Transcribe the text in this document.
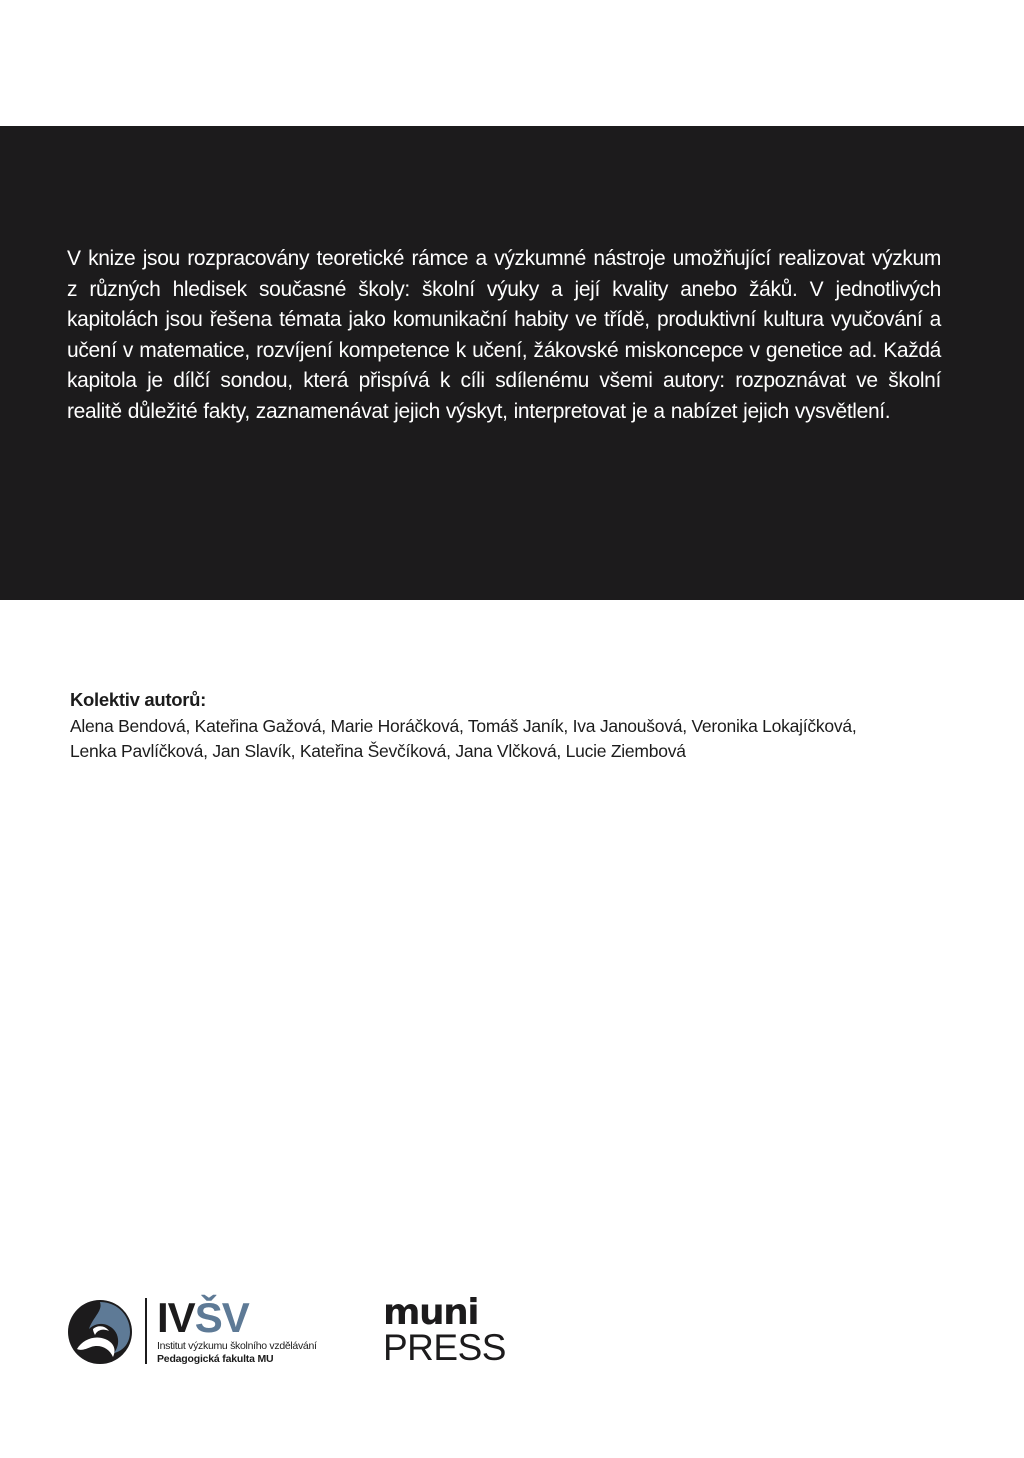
V knize jsou rozpracovány teoretické rámce a výzkumné nástroje umožňující realizovat výzkum z různých hledisek současné školy: školní výuky a její kvality anebo žáků. V jednotlivých kapitolách jsou řešena témata jako komunikační habity ve třídě, produktivní kultura vyučování a učení v matematice, rozvíjení kompetence k učení, žákovské miskoncepce v genetice ad. Každá kapitola je dílčí sondou, která přispívá k cíli sdílenému všemi autory: rozpoznávat ve školní realitě důležité fakty, zaznamenávat jejich výskyt, interpretovat je a nabízet jejich vysvětlení.

Kolektiv autorů:

Alena Bendová, Kateřina Gažová, Marie Horáčková, Tomáš Janík, Iva Janoušová, Veronika Lokajíčková,
Lenka Pavlíčková, Jan Slavík, Kateřina Ševčíková, Jana Vlčková, Lucie Ziembová

IVŠV
Institut výzkumu školního vzdělávání
Pedagogická fakulta MU
muni
PRESS
